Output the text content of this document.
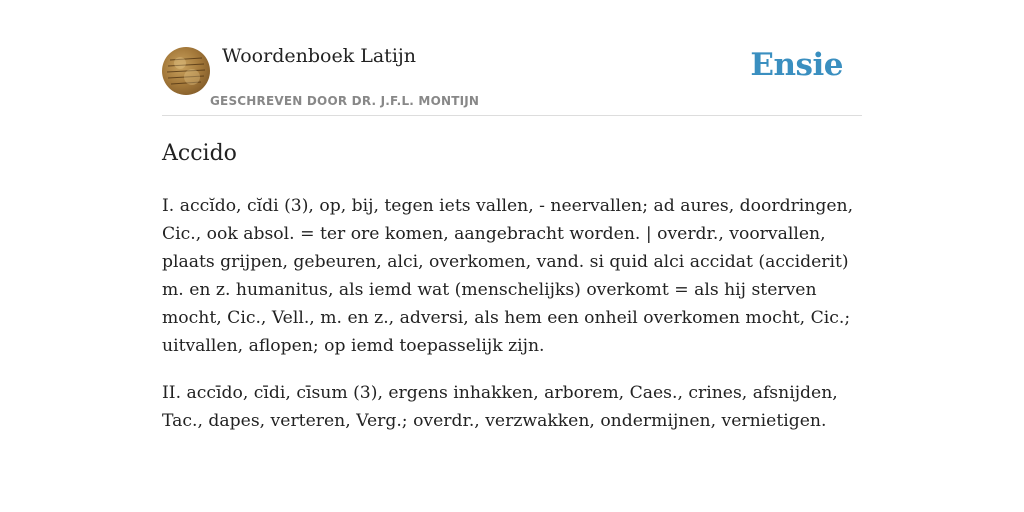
Woordenboek Latijn
GESCHREVEN DOOR DR. J.F.L. MONTIJN
Ensie
Accido

I. accĭdo, cĭdi (3), op, bij, tegen iets vallen, - neervallen; ad aures, doordringen, Cic., ook absol. = ter ore komen, aangebracht worden. | overdr., voorvallen, plaats grijpen, gebeuren, alci, overkomen, vand. si quid alci accidat (acciderit) m. en z. humanitus, als iemd wat (menschelijks) overkomt = als hij sterven mocht, Cic., Vell., m. en z., adversi, als hem een onheil overkomen mocht, Cic.; uitvallen, aflopen; op iemd toepasselijk zijn.

II. accīdo, cīdi, cīsum (3), ergens inhakken, arborem, Caes., crines, afsnijden, Tac., dapes, verteren, Verg.; overdr., verzwakken, ondermijnen, vernietigen.
